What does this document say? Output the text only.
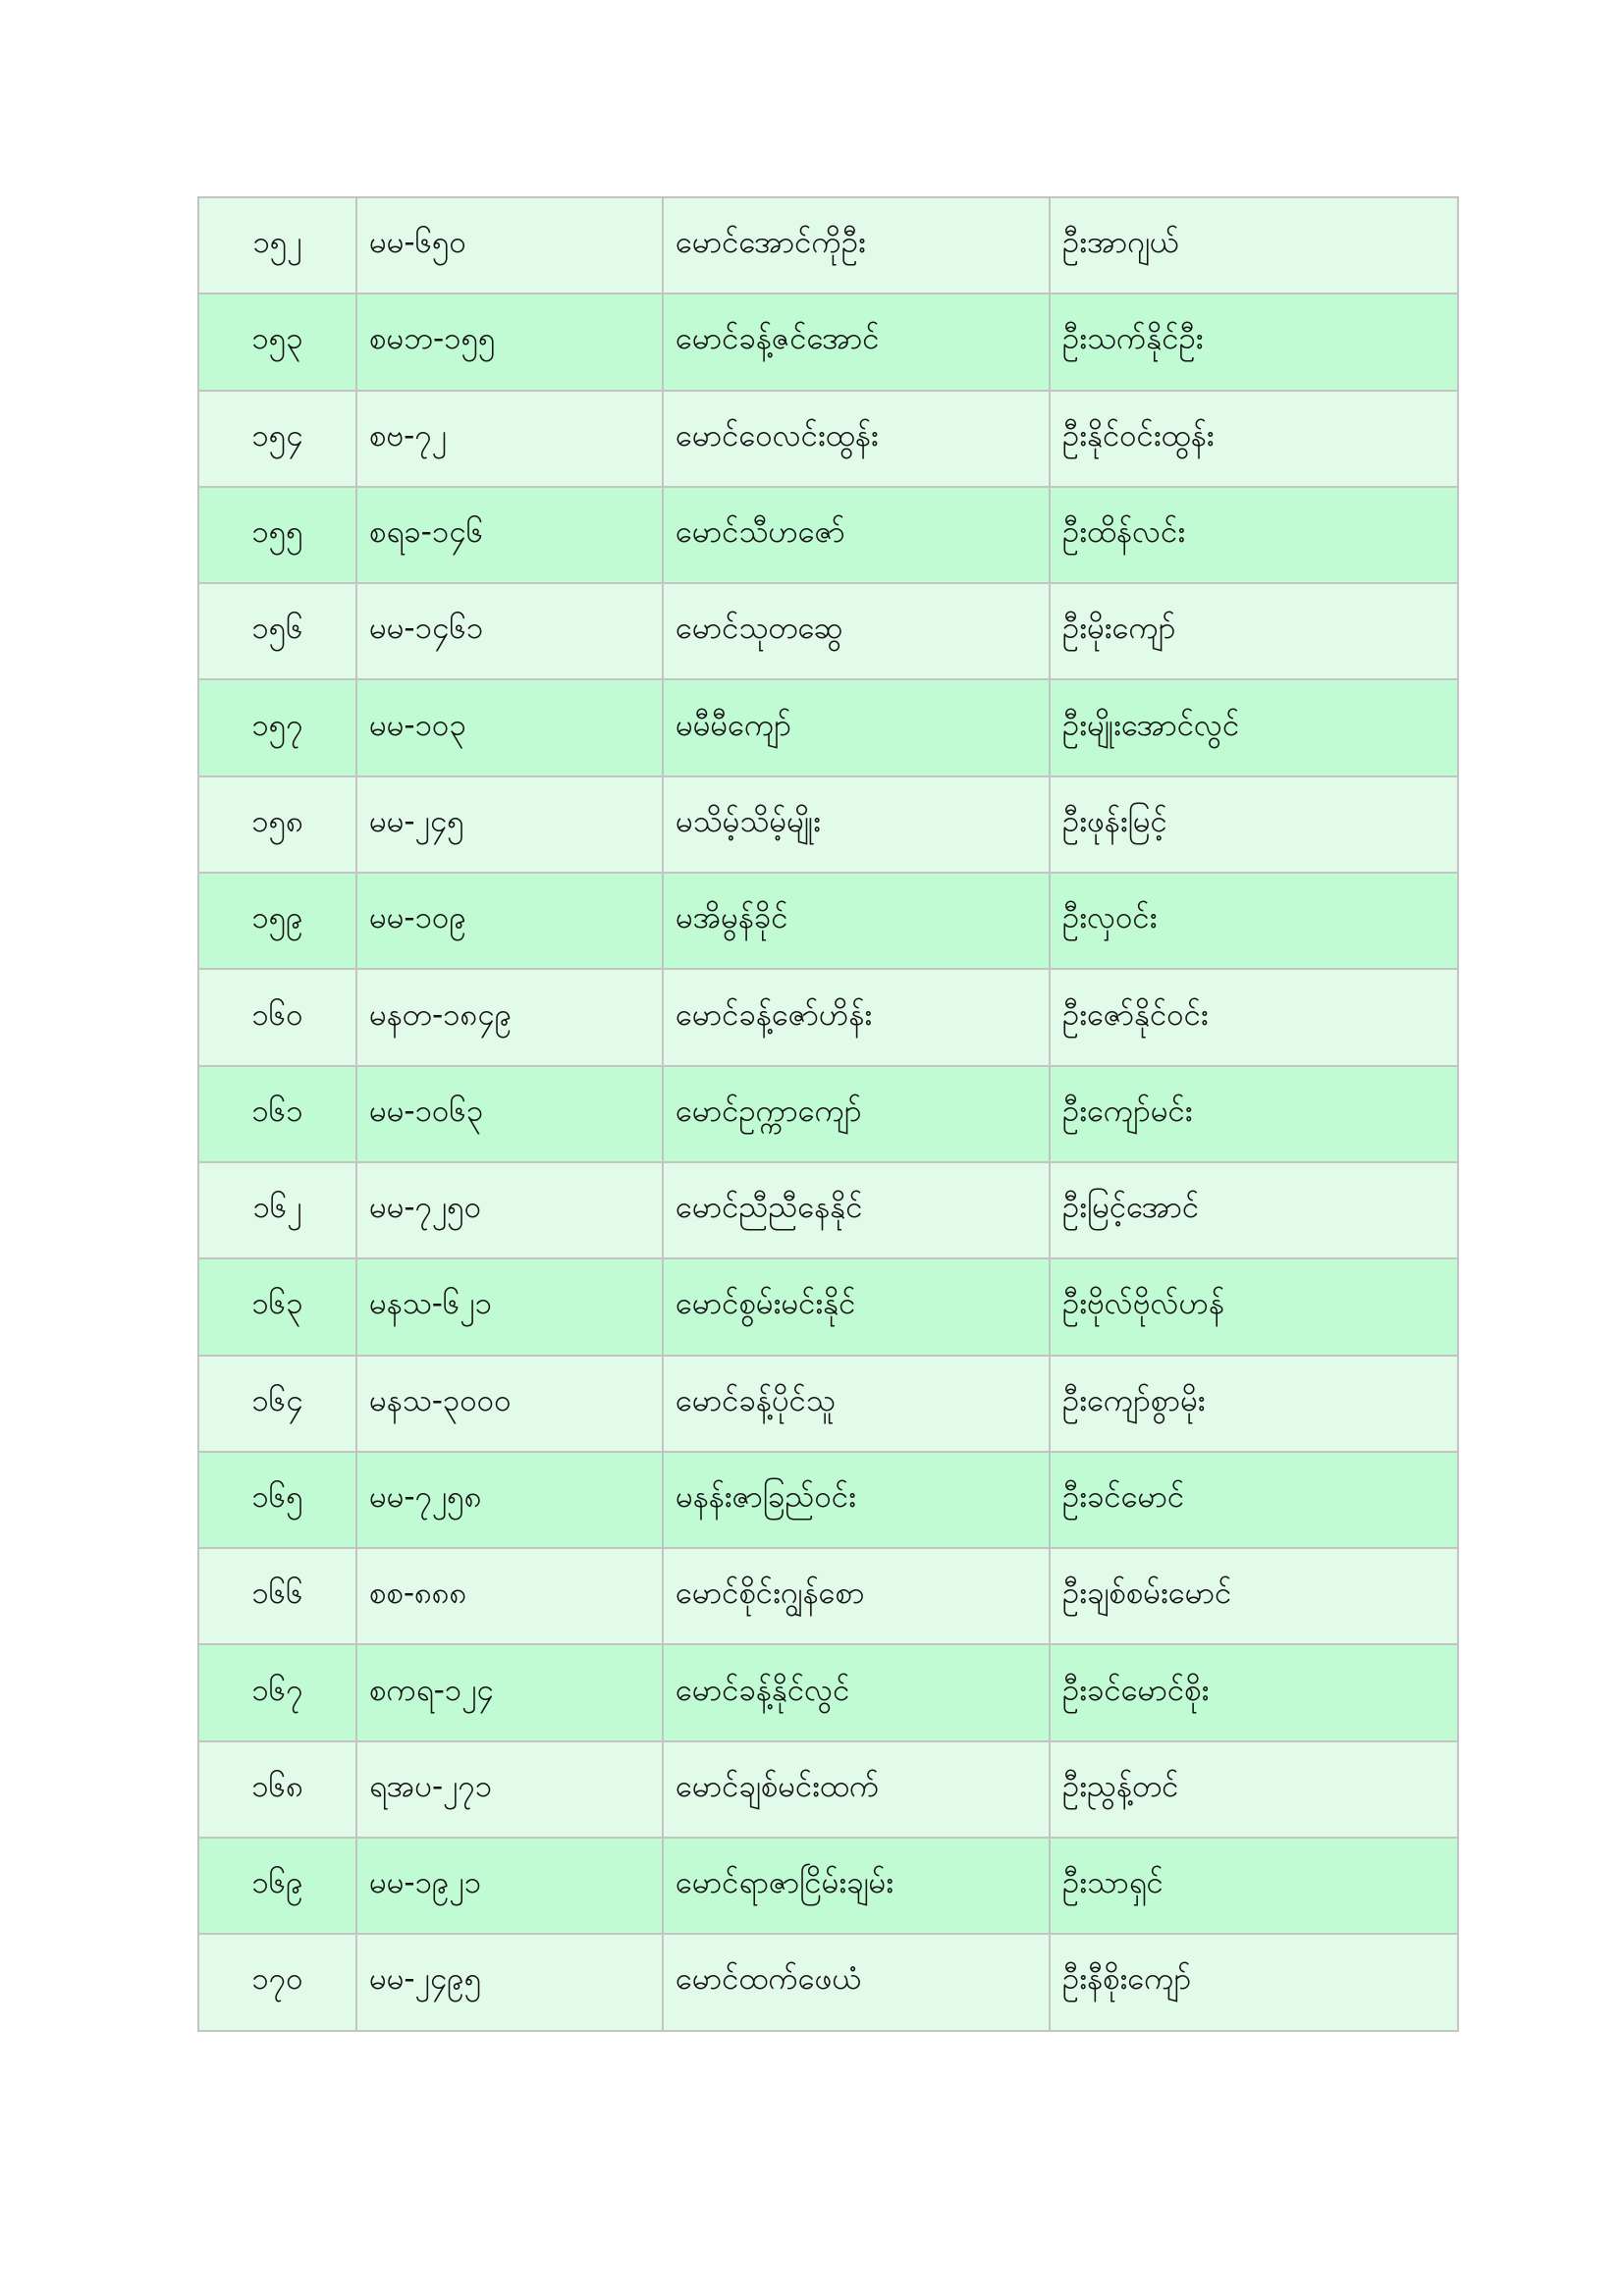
၁၅၂	မမ-၆၅၀	မောင်အောင်ကိုဦး	ဦးအာဂျယ်
၁၅၃	စမဘ-၁၅၅	မောင်ခန့်ဇင်အောင်	ဦးသက်နိုင်ဦး
၁၅၄	စဗ-၇၂	မောင်ဝေလင်းထွန်း	ဦးနိုင်ဝင်းထွန်း
၁၅၅	စရခ-၁၄၆	မောင်သီဟဇော်	ဦးထိန်လင်း
၁၅၆	မမ-၁၄၆၁	မောင်သုတဆွေ	ဦးမိုးကျော်
၁၅၇	မမ-၁၀၃	မမီမီကျော်	ဦးမျိုးအောင်လွင်
၁၅၈	မမ-၂၄၅	မသိမ့်သိမ့်မျိုး	ဦးဖုန်းမြင့်
၁၅၉	မမ-၁၀၉	မအိမွန်ခိုင်	ဦးလှဝင်း
၁၆၀	မနတ-၁၈၄၉	မောင်ခန့်ဇော်ဟိန်း	ဦးဇော်နိုင်ဝင်း
၁၆၁	မမ-၁၀၆၃	မောင်ဥက္ကာကျော်	ဦးကျော်မင်း
၁၆၂	မမ-၇၂၅၀	မောင်ညီညီနေနိုင်	ဦးမြင့်အောင်
၁၆၃	မနသ-၆၂၁	မောင်စွမ်းမင်းနိုင်	ဦးဗိုလ်ဗိုလ်ဟန်
၁၆၄	မနသ-၃၀၀၀	မောင်ခန့်ပိုင်သူ	ဦးကျော်စွာမိုး
၁၆၅	မမ-၇၂၅၈	မနန်းဇာခြည်ဝင်း	ဦးခင်မောင်
၁၆၆	စစ-၈၈၈	မောင်စိုင်းဂျွန်စော	ဦးချစ်စမ်းမောင်
၁၆၇	စကရ-၁၂၄	မောင်ခန့်နိုင်လွင်	ဦးခင်မောင်စိုး
၁၆၈	ရအပ-၂၇၁	မောင်ချစ်မင်းထက်	ဦးညွန့်တင်
၁၆၉	မမ-၁၉၂၁	မောင်ရာဇာငြိမ်းချမ်း	ဦးသာရှင်
၁၇၀	မမ-၂၄၉၅	မောင်ထက်ဖေယံ	ဦးနီစိုးကျော်
